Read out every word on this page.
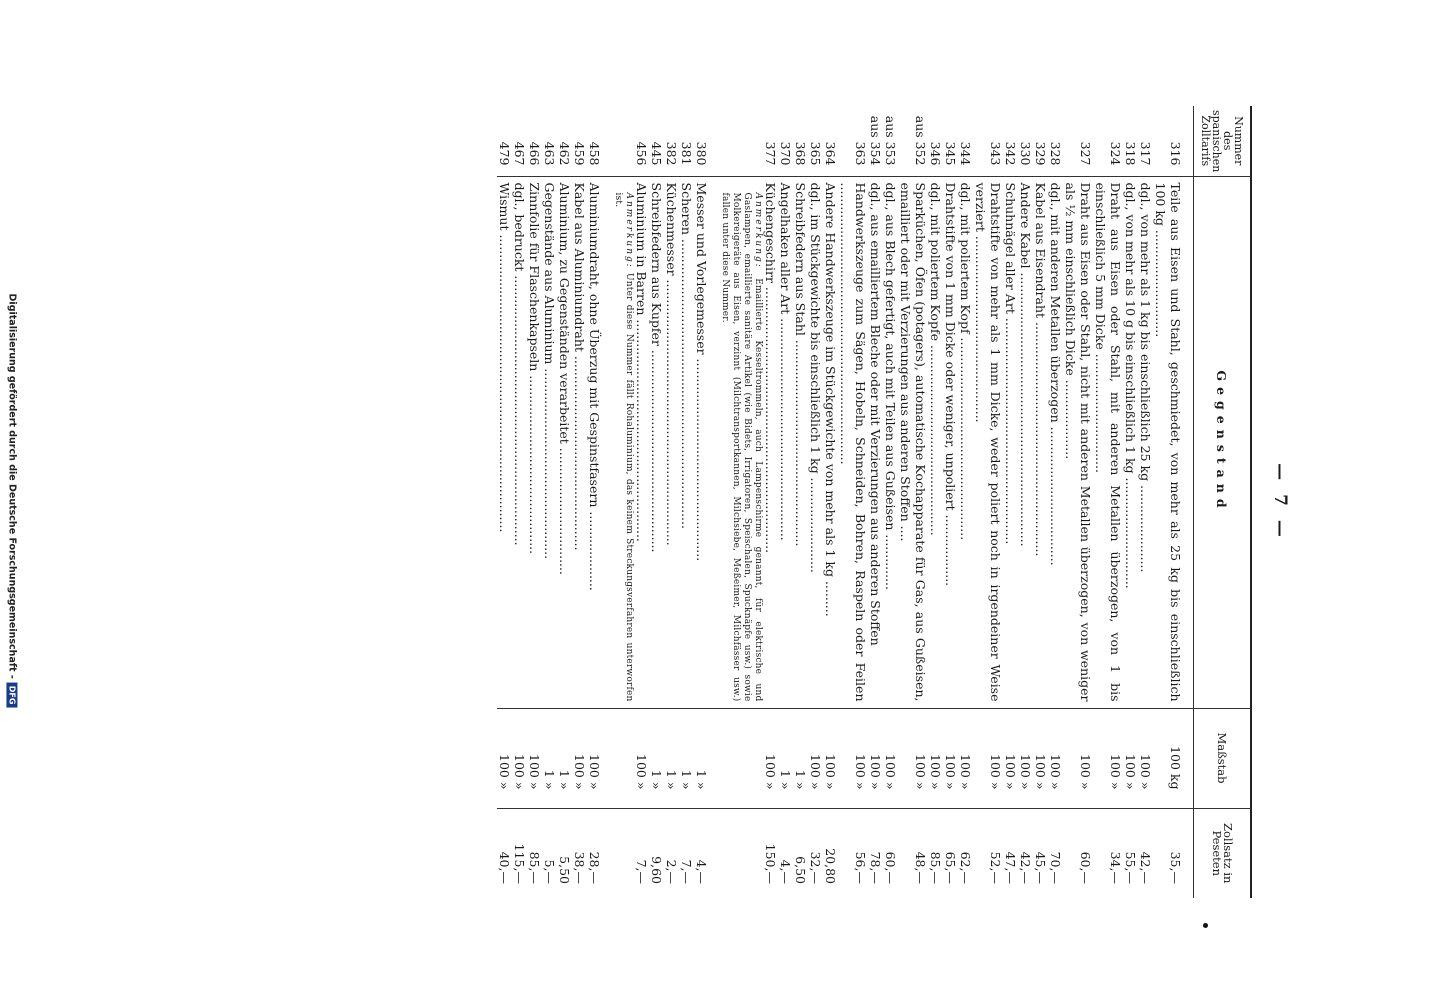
Digitalisierung gefördert durch die Deutsche Forschungsgemeinschaft -
DFG
— 7 —
Nummer des spanischen Zolltarifs	Gegenstand	Maßstab	Zollsatz in Peseten

316	Teile aus Eisen und Stahl, geschmiedet, von mehr als 25 kg bis einschließlich 100 kg ...........................	100 kg	35,—

317	dgl., von mehr als 1 kg bis einschließlich 25 kg ......................	100 »	42,—

318	dgl., von mehr als 10 g bis einschließlich 1 kg ............................	100 »	55,—

324	Draht aus Eisen oder Stahl, mit anderen Metallen überzogen, von 1 bis einschließlich 5 mm Dicke ..............................	100 »	34,—

327	Draht aus Eisen oder Stahl, nicht mit anderen Metallen überzogen, von weniger als ½ mm einschließlich Dicke ....................	100 »	60,—

328	dgl., mit anderen Metallen überzogen ...................................	100 »	70,—

329	Kabel aus Eisendraht ...........................................................	100 »	45,—

330	Andere Kabel .....................................................................	100 »	42,—

342	Schuhnägel aller Art .........................................................	100 »	47,—

343	Drahtstifte von mehr als 1 mm Dicke, weder poliert noch in irgendeiner Weise verziert ...............................................	100 »	52,—

344	dgl., mit poliertem Kopf ...................................................	100 »	62,—

345	Drahtstifte von 1 mm Dicke oder weniger, unpoliert ..................	100 »	65,—

346	dgl., mit poliertem Kopfe ................................................	100 »	85,—

aus 352	Sparküchen, Öfen (potagers), automatische Kochapparate für Gas, aus Gußeisen, emailliert oder mit Verzierungen aus anderen Stoffen ....	100 »	48,—

aus 353	dgl., aus Blech gefertigt, auch mit Teilen aus Gußeisen ..............	100 »	60,—

aus 354	dgl., aus emailliertem Bleche oder mit Verzierungen aus anderen Stoffen	100 »	78,—

363	Handwerkszeuge zum Sägen, Hobeln, Schneiden, Bohren, Raspeln oder Feilen .......................................................................	100 »	56,—

364	Andere Handwerkszeuge im Stückgewichte von mehr als 1 kg .........	100 »	20,80

365	dgl., im Stückgewichte bis einschließlich 1 kg ........................	100 »	32,—

368	Schreibfedern aus Stahl ....................................................	1 »	6,50

370	Angelhaken aller Art ........................................................	1 »	4,—

377	Küchengeschirr ...................................................................
Anmerkung: Emaillierte Kesseltrommeln, auch Lampenschirme genannt, für elektrische und Gaslampen, emaillierte sanitäre Artikel (wie Bidets, Irrigatoren, Speischalen, Spucknäpfe usw.) sowie Molkereigeräte aus Eisen, verzinnt (Milchtransportkannen, Milchsiebe, Meßeimer, Milchfässer usw.) fallen unter diese Nummer.	100 »	150,—

380	Messer und Vorlegemesser ...................................................	1 »	4,—

381	Scheren .........................................................................	1 »	7,—

382	Küchenmesser ...................................................................	1 »	2,—

445	Schreibfedern aus Kupfer ...................................................	1 »	9,60

456	Aluminium in Barren ........................................................
Anmerkung: Unter diese Nummer fällt Rohaluminium, das keinem Streckungsverfahren unterworfen ist.	100 »	7,—

458	Aluminiumdraht, ohne Überzug mit Gespinstfasern ....................	100 »	28,—

459	Kabel aus Aluminiumdraht .................................................	100 »	38,—

462	Aluminium, zu Gegenständen verarbeitet ................................	1 »	5,50

463	Gegenstände aus Aluminium ................................................	1 »	5,—

466	Zinnfolie für Flaschenkapseln .............................................	100 »	85,—

467	dgl., bedruckt ....................................................................	100 »	115,—

479	Wismut ...........................................................................	100 »	40,—
